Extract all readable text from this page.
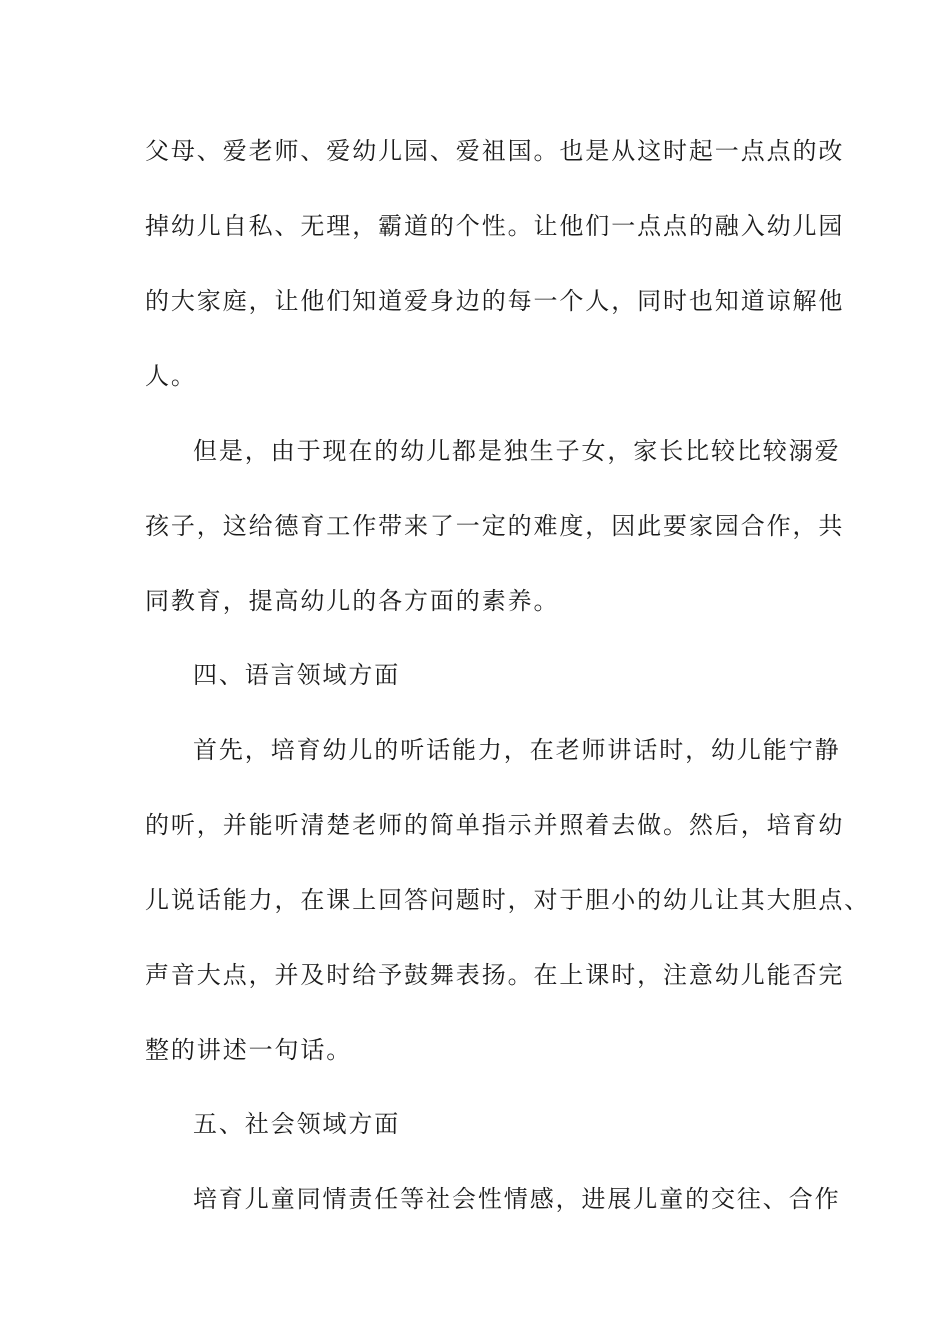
父母、爱老师、爱幼儿园、爱祖国。也是从这时起一点点的改
掉幼儿自私、无理，霸道的个性。让他们一点点的融入幼儿园
的大家庭，让他们知道爱身边的每一个人，同时也知道谅解他
人。
但是，由于现在的幼儿都是独生子女，家长比较比较溺爱
孩子，这给德育工作带来了一定的难度，因此要家园合作，共
同教育，提高幼儿的各方面的素养。
四、语言领域方面
首先，培育幼儿的听话能力，在老师讲话时，幼儿能宁静
的听，并能听清楚老师的简单指示并照着去做。然后，培育幼
儿说话能力，在课上回答问题时，对于胆小的幼儿让其大胆点、
声音大点，并及时给予鼓舞表扬。在上课时，注意幼儿能否完
整的讲述一句话。
五、社会领域方面
培育儿童同情责任等社会性情感，进展儿童的交往、合作
